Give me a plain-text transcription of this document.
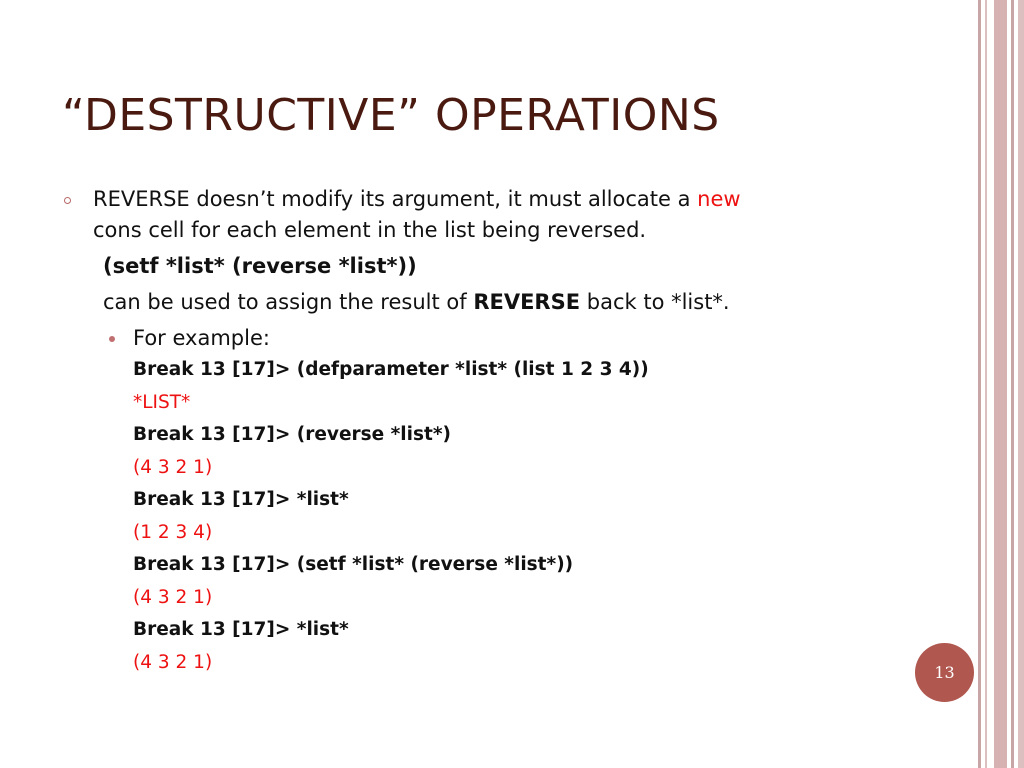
“DESTRUCTIVE” OPERATIONS
REVERSE doesn’t modify its argument, it must allocate a new
cons cell for each element in the list being reversed.
(setf *list* (reverse *list*))
can be used to assign the result of REVERSE back to *list*.
For example:
Break 13 [17]> (defparameter *list* (list 1 2 3 4))
*LIST*
Break 13 [17]> (reverse *list*)
(4 3 2 1)
Break 13 [17]> *list*
(1 2 3 4)
Break 13 [17]> (setf *list* (reverse *list*))
(4 3 2 1)
Break 13 [17]> *list*
(4 3 2 1)	13
